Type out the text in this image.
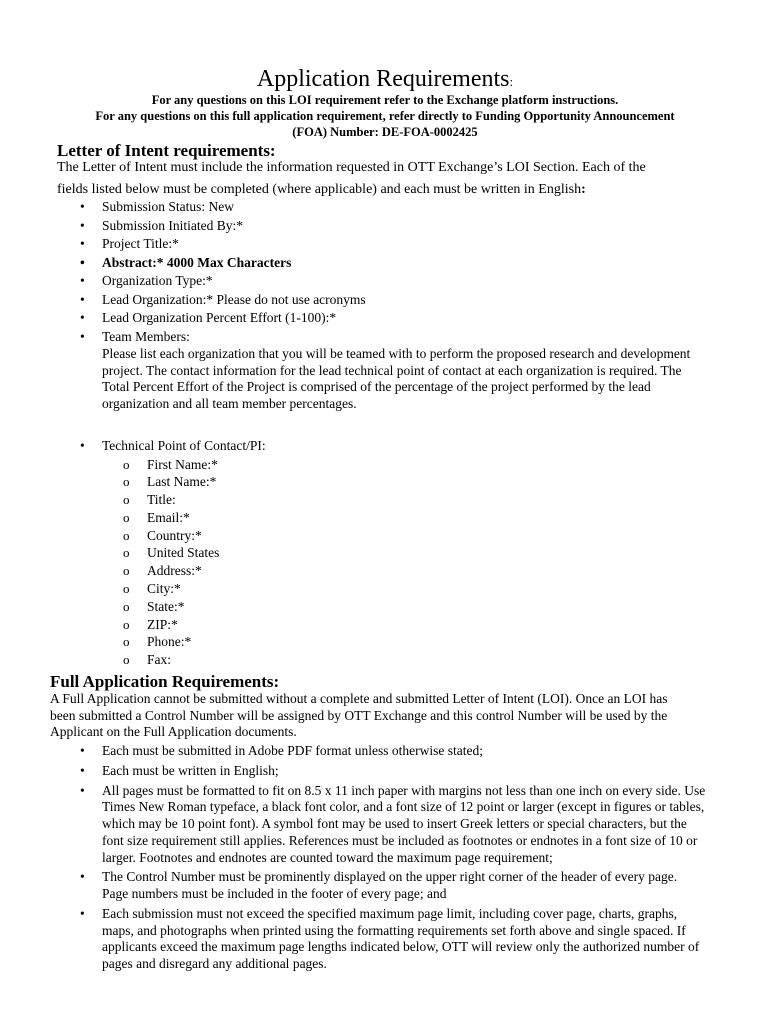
Application Requirements:
For any questions on this LOI requirement refer to the Exchange platform instructions.
For any questions on this full application requirement, refer directly to Funding Opportunity Announcement
(FOA) Number: DE-FOA-0002425
Letter of Intent requirements:
The Letter of Intent must include the information requested in OTT Exchange’s LOI Section. Each of the
fields listed below must be completed (where applicable) and each must be written in English:
• Submission Status: New
• Submission Initiated By:*
• Project Title:*
• Abstract:* 4000 Max Characters
• Organization Type:*
• Lead Organization:* Please do not use acronyms
• Lead Organization Percent Effort (1-100):*
• Team Members:
Please list each organization that you will be teamed with to perform the proposed research and development project. The contact information for the lead technical point of contact at each organization is required. The Total Percent Effort of the Project is comprised of the percentage of the project performed by the lead organization and all team member percentages.
• Technical Point of Contact/PI:
o First Name:*
o Last Name:*
o Title:
o Email:*
o Country:*
o United States
o Address:*
o City:*
o State:*
o ZIP:*
o Phone:*
o Fax:
Full Application Requirements:
A Full Application cannot be submitted without a complete and submitted Letter of Intent (LOI). Once an LOI has been submitted a Control Number will be assigned by OTT Exchange and this control Number will be used by the Applicant on the Full Application documents.
• Each must be submitted in Adobe PDF format unless otherwise stated;
• Each must be written in English;
• All pages must be formatted to fit on 8.5 x 11 inch paper with margins not less than one inch on every side. Use Times New Roman typeface, a black font color, and a font size of 12 point or larger (except in figures or tables, which may be 10 point font). A symbol font may be used to insert Greek letters or special characters, but the font size requirement still applies. References must be included as footnotes or endnotes in a font size of 10 or larger. Footnotes and endnotes are counted toward the maximum page requirement;
• The Control Number must be prominently displayed on the upper right corner of the header of every page. Page numbers must be included in the footer of every page; and
• Each submission must not exceed the specified maximum page limit, including cover page, charts, graphs, maps, and photographs when printed using the formatting requirements set forth above and single spaced. If applicants exceed the maximum page lengths indicated below, OTT will review only the authorized number of pages and disregard any additional pages.
